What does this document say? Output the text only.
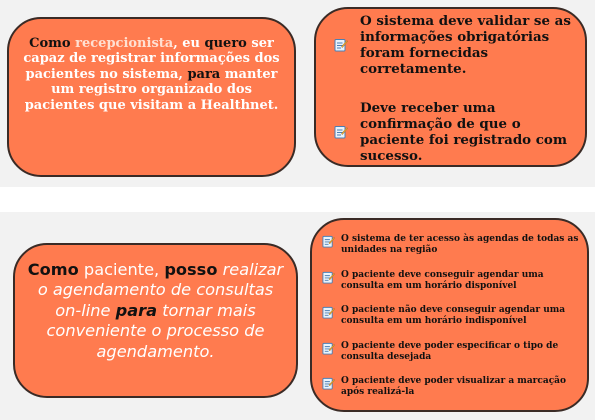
Como recepcionista, eu quero ser capaz de registrar informações dos pacientes no sistema, para manter um registro organizado dos pacientes que visitam a Healthnet.
O sistema deve validar se as informações obrigatórias foram fornecidas corretamente.
Deve receber uma confirmação de que o paciente foi registrado com sucesso.
Como paciente, posso realizar o agendamento de consultas on-line para tornar mais conveniente o processo de agendamento.
O sistema de ter acesso às agendas de todas as unidades na região
O paciente deve conseguir agendar uma consulta em um horário disponível
O paciente não deve conseguir agendar uma consulta em um horário indisponível
O paciente deve poder especificar o tipo de consulta desejada
O paciente deve poder visualizar a marcação após realizá-la
